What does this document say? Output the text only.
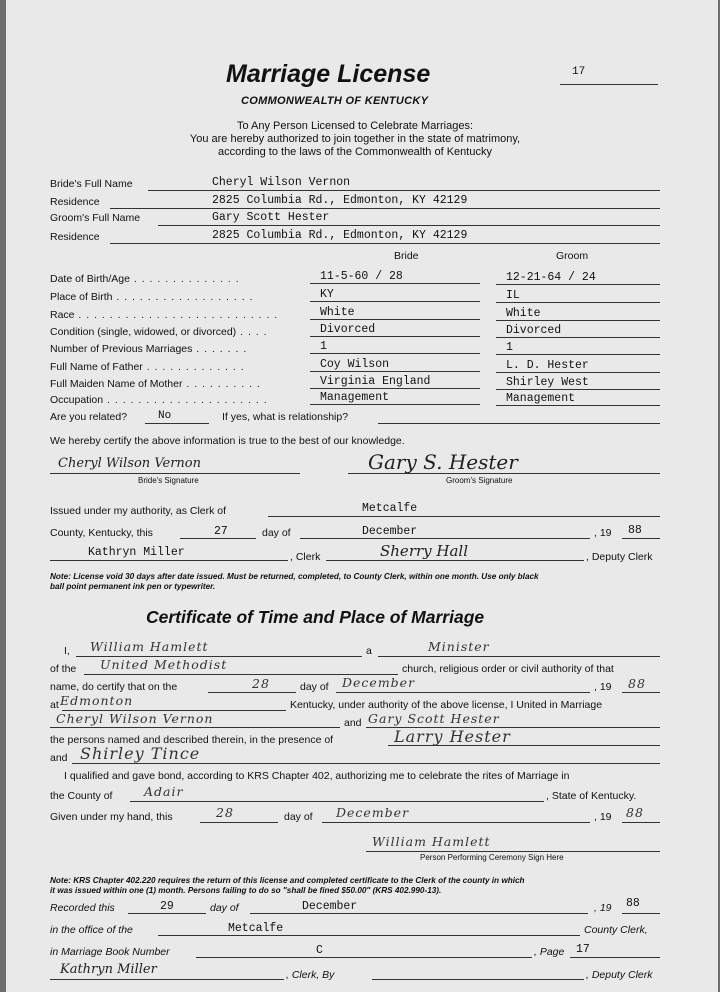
Marriage License	17
COMMONWEALTH OF KENTUCKY
To Any Person Licensed to Celebrate Marriages:
You are hereby authorized to join together in the state of matrimony,
according to the laws of the Commonwealth of Kentucky
Bride's Full Name	Cheryl Wilson Vernon
Residence	2825 Columbia Rd., Edmonton, KY 42129
Groom's Full Name	Gary Scott Hester
Residence	2825 Columbia Rd., Edmonton, KY 42129
Bride	Groom
Date of Birth/Age . . . . . . . . . . . . . .	11-5-60 / 28	12-21-64 / 24
Place of Birth . . . . . . . . . . . . . . . . . .	KY	IL
Race . . . . . . . . . . . . . . . . . . . . . . . . . .	White	White
Condition (single, widowed, or divorced) . . . .	Divorced	Divorced
Number of Previous Marriages . . . . . . .	1	1
Full Name of Father . . . . . . . . . . . . .	Coy Wilson	L. D. Hester
Full Maiden Name of Mother . . . . . . . . . .	Virginia England	Shirley West
Occupation . . . . . . . . . . . . . . . . . . . . .	Management	Management
Are you related?	No	If yes, what is relationship?
We hereby certify the above information is true to the best of our knowledge.
Cheryl Wilson Vernon
Bride's Signature
Gary S. Hester
Groom's Signature
Issued under my authority, as Clerk of	Metcalfe
County, Kentucky, this	27	day of	December	, 19 88
Kathryn Miller	, Clerk	Sherry Hall	, Deputy Clerk
Note: License void 30 days after date issued. Must be returned, completed, to County Clerk, within one month. Use only black
ball point permanent ink pen or typewriter.
Certificate of Time and Place of Marriage
I, William Hamlett	a	Minister
of the United Methodist	church, religious order or civil authority of that
name, do certify that on the	28	day of December	, 19 88
at Edmonton	Kentucky, under authority of the above license, I United in Marriage
Cheryl Wilson Vernon	and Gary Scott Hester
the persons named and described therein, in the presence of	Larry Hester
and Shirley Tince
I qualified and gave bond, according to KRS Chapter 402, authorizing me to celebrate the rites of Marriage in
the County of	Adair	, State of Kentucky.
Given under my hand, this	28	day of December	, 19 88
William Hamlett
Person Performing Ceremony Sign Here
Note: KRS Chapter 402.220 requires the return of this license and completed certificate to the Clerk of the county in which
it was issued within one (1) month. Persons failing to do so "shall be fined $50.00" (KRS 402.990-13).
Recorded this	29	day of	December	, 19 88
in the office of the	Metcalfe	County Clerk,
in Marriage Book Number	C	, Page 17
Kathryn Miller	, Clerk, By	, Deputy Clerk
